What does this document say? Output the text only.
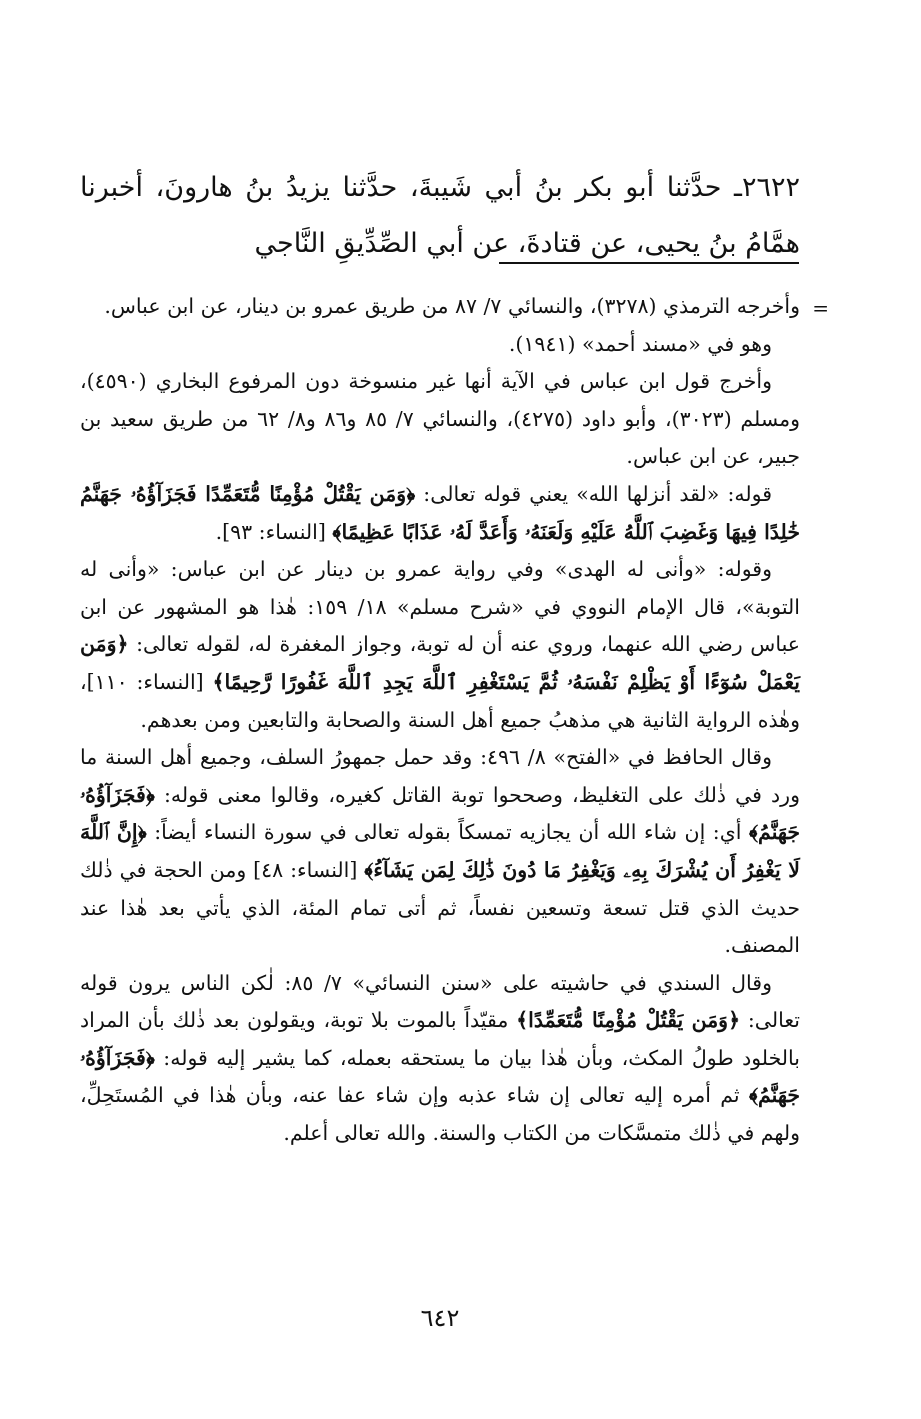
٢٦٢٢ـ حدَّثنا أبو بكر بنُ أبي شَيبةَ، حدَّثنا يزيدُ بنُ هارونَ، أخبرنا همَّامُ بنُ يحيى، عن قتادةَ، عن أبي الصِّدِّيقِ النَّاجي
=

وأخرجه الترمذي (٣٢٧٨)، والنسائي ٧/ ٨٧ من طريق عمرو بن دينار، عن ابن عباس.

وهو في «مسند أحمد» (١٩٤١).

وأخرج قول ابن عباس في الآية أنها غير منسوخة دون المرفوع البخاري (٤٥٩٠)، ومسلم (٣٠٢٣)، وأبو داود (٤٢٧٥)، والنسائي ٧/ ٨٥ و٨٦ و٨/ ٦٢ من طريق سعيد بن جبير، عن ابن عباس.

قوله: «لقد أنزلها الله» يعني قوله تعالى: ﴿وَمَن يَقْتُلْ مُؤْمِنًا مُّتَعَمِّدًا فَجَزَآؤُهُۥ جَهَنَّمُ خَٰلِدًا فِيهَا وَغَضِبَ ٱللَّهُ عَلَيْهِ وَلَعَنَهُۥ وَأَعَدَّ لَهُۥ عَذَابًا عَظِيمًا﴾ [النساء: ٩٣].

وقوله: «وأنى له الهدى» وفي رواية عمرو بن دينار عن ابن عباس: «وأنى له التوبة»، قال الإمام النووي في «شرح مسلم» ١٨/ ١٥٩: هٰذا هو المشهور عن ابن عباس رضي الله عنهما، وروي عنه أن له توبة، وجواز المغفرة له، لقوله تعالى: ﴿وَمَن يَعْمَلْ سُوٓءًا أَوْ يَظْلِمْ نَفْسَهُۥ ثُمَّ يَسْتَغْفِرِ ٱللَّهَ يَجِدِ ٱللَّهَ غَفُورًا رَّحِيمًا﴾ [النساء: ١١٠]، وهٰذه الرواية الثانية هي مذهبُ جميع أهل السنة والصحابة والتابعين ومن بعدهم.

وقال الحافظ في «الفتح» ٨/ ٤٩٦: وقد حمل جمهورُ السلف، وجميع أهل السنة ما ورد في ذٰلك على التغليظ، وصححوا توبة القاتل كغيره، وقالوا معنى قوله: ﴿فَجَزَآؤُهُۥ جَهَنَّمُ﴾ أي: إن شاء الله أن يجازيه تمسكاً بقوله تعالى في سورة النساء أيضاً: ﴿إِنَّ ٱللَّهَ لَا يَغْفِرُ أَن يُشْرَكَ بِهِۦ وَيَغْفِرُ مَا دُونَ ذَٰلِكَ لِمَن يَشَآءُ﴾ [النساء: ٤٨] ومن الحجة في ذٰلك حديث الذي قتل تسعة وتسعين نفساً، ثم أتى تمام المئة، الذي يأتي بعد هٰذا عند المصنف.

وقال السندي في حاشيته على «سنن النسائي» ٧/ ٨٥: لٰكن الناس يرون قوله تعالى: ﴿وَمَن يَقْتُلْ مُؤْمِنًا مُّتَعَمِّدًا﴾ مقيّداً بالموت بلا توبة، ويقولون بعد ذٰلك بأن المراد بالخلود طولُ المكث، وبأن هٰذا بيان ما يستحقه بعمله، كما يشير إليه قوله: ﴿فَجَزَآؤُهُۥ جَهَنَّمُ﴾ ثم أمره إليه تعالى إن شاء عذبه وإن شاء عفا عنه، وبأن هٰذا في المُستَحِلِّ، ولهم في ذٰلك متمسَّكات من الكتاب والسنة. والله تعالى أعلم.

٦٤٢
